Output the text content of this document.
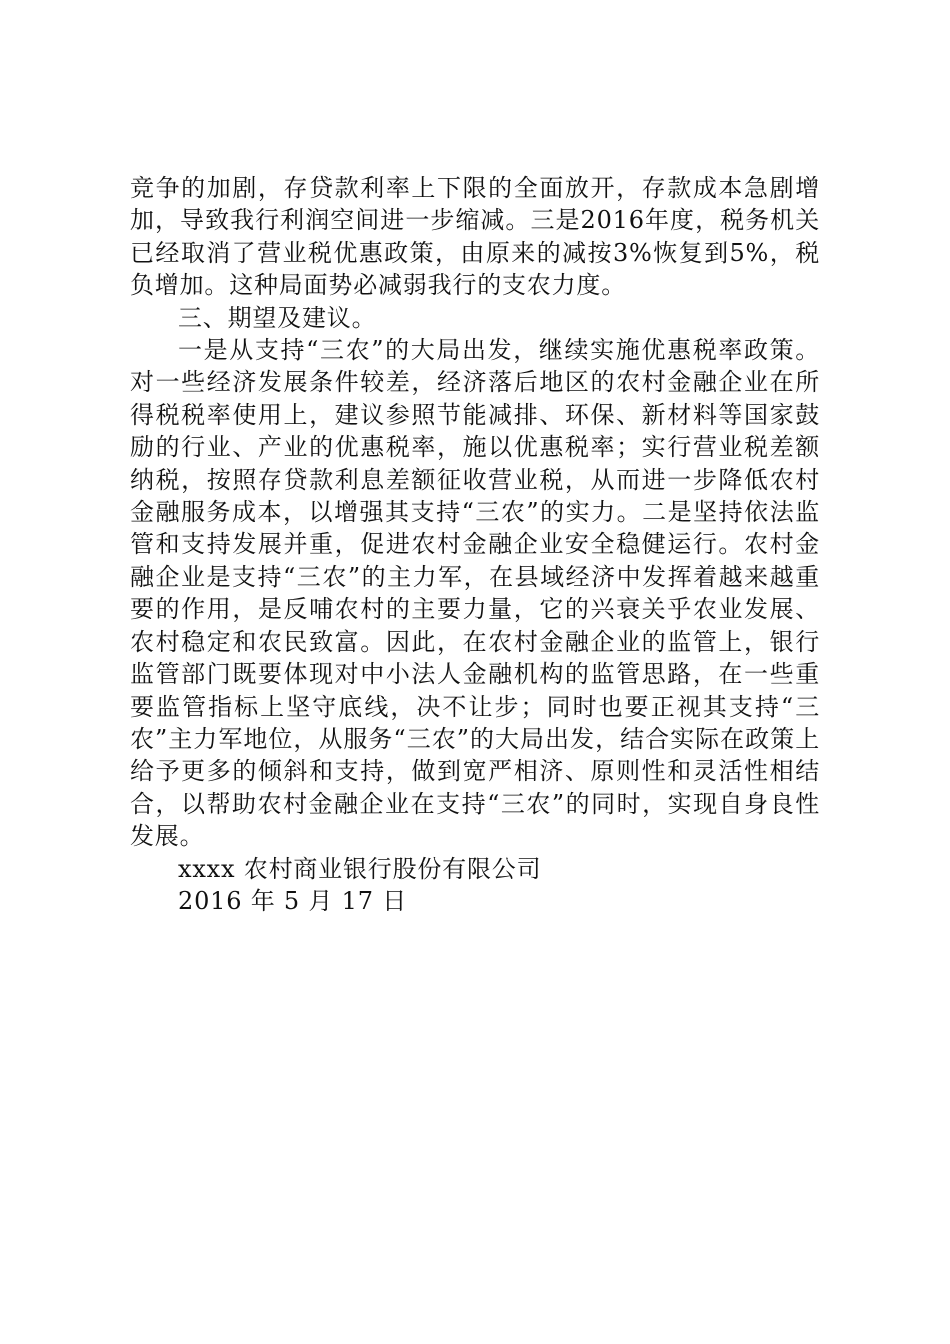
竞争的加剧，存贷款利率上下限的全面放开，存款成本急剧增加，导致我行利润空间进一步缩减。三是2016年度，税务机关已经取消了营业税优惠政策，由原来的减按3%恢复到5%，税负增加。这种局面势必减弱我行的支农力度。

三、期望及建议。

一是从支持“三农”的大局出发，继续实施优惠税率政策。对一些经济发展条件较差，经济落后地区的农村金融企业在所得税税率使用上，建议参照节能减排、环保、新材料等国家鼓励的行业、产业的优惠税率，施以优惠税率；实行营业税差额纳税，按照存贷款利息差额征收营业税，从而进一步降低农村金融服务成本，以增强其支持“三农”的实力。二是坚持依法监管和支持发展并重，促进农村金融企业安全稳健运行。农村金融企业是支持“三农”的主力军，在县域经济中发挥着越来越重要的作用，是反哺农村的主要力量，它的兴衰关乎农业发展、农村稳定和农民致富。因此，在农村金融企业的监管上，银行监管部门既要体现对中小法人金融机构的监管思路，在一些重要监管指标上坚守底线，决不让步；同时也要正视其支持“三农”主力军地位，从服务“三农”的大局出发，结合实际在政策上给予更多的倾斜和支持，做到宽严相济、原则性和灵活性相结合，以帮助农村金融企业在支持“三农”的同时，实现自身良性发展。

xxxx 农村商业银行股份有限公司

2016 年 5 月 17 日
